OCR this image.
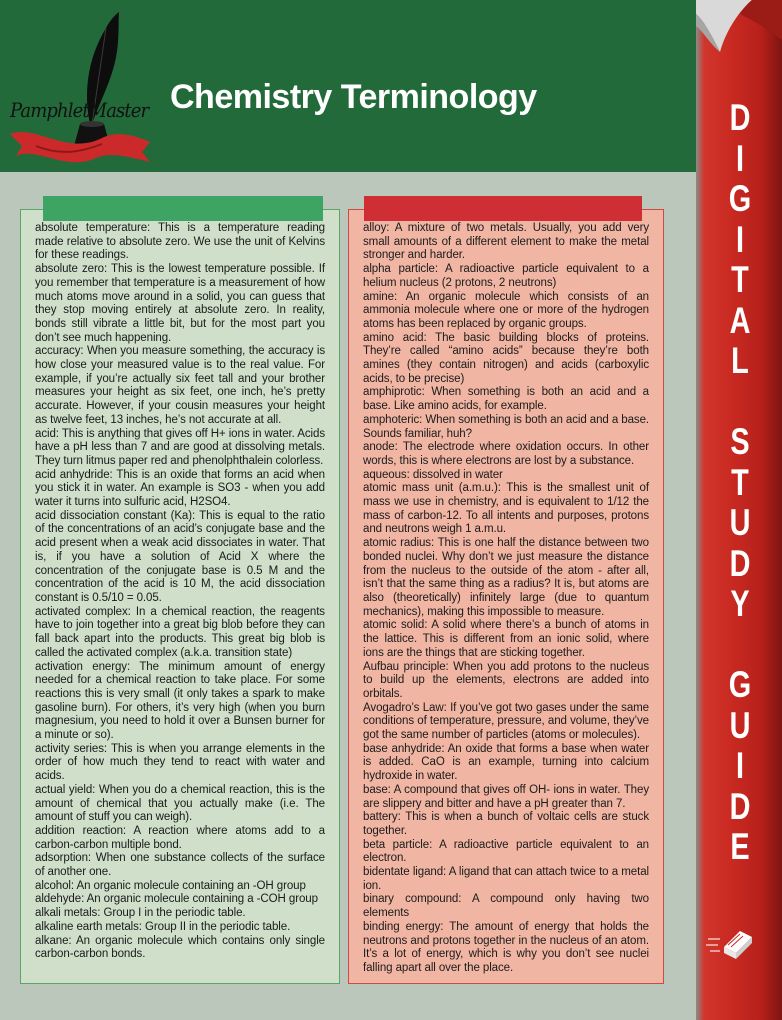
PamphletMaster Chemistry Terminology

absolute temperature: This is a temperature reading made relative to absolute zero. We use the unit of Kelvins for these readings.

absolute zero: This is the lowest temperature possible. If you remember that temperature is a measurement of how much atoms move around in a solid, you can guess that they stop moving entirely at absolute zero. In reality, bonds still vibrate a little bit, but for the most part you don’t see much happening.

accuracy: When you measure something, the accuracy is how close your measured value is to the real value. For example, if you’re actually six feet tall and your brother measures your height as six feet, one inch, he’s pretty accurate. However, if your cousin measures your height as twelve feet, 13 inches, he’s not accurate at all.

acid: This is anything that gives off H+ ions in water. Acids have a pH less than 7 and are good at dissolving metals. They turn litmus paper red and phenolphthalein colorless.

acid anhydride: This is an oxide that forms an acid when you stick it in water. An example is SO3 - when you add water it turns into sulfuric acid, H2SO4.

acid dissociation constant (Ka): This is equal to the ratio of the concentrations of an acid’s conjugate base and the acid present when a weak acid dissociates in water. That is, if you have a solution of Acid X where the concentration of the conjugate base is 0.5 M and the concentration of the acid is 10 M, the acid dissociation constant is 0.5/10 = 0.05.

activated complex: In a chemical reaction, the reagents have to join together into a great big blob before they can fall back apart into the products. This great big blob is called the activated complex (a.k.a. transition state)

activation energy: The minimum amount of energy needed for a chemical reaction to take place. For some reactions this is very small (it only takes a spark to make gasoline burn). For others, it’s very high (when you burn magnesium, you need to hold it over a Bunsen burner for a minute or so).

activity series: This is when you arrange elements in the order of how much they tend to react with water and acids.

actual yield: When you do a chemical reaction, this is the amount of chemical that you actually make (i.e. The amount of stuff you can weigh).

addition reaction: A reaction where atoms add to a carbon-carbon multiple bond.

adsorption: When one substance collects of the surface of another one.

alcohol: An organic molecule containing an -OH group

aldehyde: An organic molecule containing a -COH group

alkali metals: Group I in the periodic table.

alkaline earth metals: Group II in the periodic table.

alkane: An organic molecule which contains only single carbon-carbon bonds.

alloy: A mixture of two metals. Usually, you add very small amounts of a different element to make the metal stronger and harder.

alpha particle: A radioactive particle equivalent to a helium nucleus (2 protons, 2 neutrons)

amine: An organic molecule which consists of an ammonia molecule where one or more of the hydrogen atoms has been replaced by organic groups.

amino acid: The basic building blocks of proteins. They’re called “amino acids” because they’re both amines (they contain nitrogen) and acids (carboxylic acids, to be precise)

amphiprotic: When something is both an acid and a base. Like amino acids, for example.

amphoteric: When something is both an acid and a base. Sounds familiar, huh?

anode: The electrode where oxidation occurs. In other words, this is where electrons are lost by a substance.

aqueous: dissolved in water

atomic mass unit (a.m.u.): This is the smallest unit of mass we use in chemistry, and is equivalent to 1/12 the mass of carbon-12. To all intents and purposes, protons and neutrons weigh 1 a.m.u.

atomic radius: This is one half the distance between two bonded nuclei. Why don’t we just measure the distance from the nucleus to the outside of the atom - after all, isn’t that the same thing as a radius? It is, but atoms are also (theoretically) infinitely large (due to quantum mechanics), making this impossible to measure.

atomic solid: A solid where there’s a bunch of atoms in the lattice. This is different from an ionic solid, where ions are the things that are sticking together.

Aufbau principle: When you add protons to the nucleus to build up the elements, electrons are added into orbitals.

Avogadro’s Law: If you’ve got two gases under the same conditions of temperature, pressure, and volume, they’ve got the same number of particles (atoms or molecules).

base anhydride: An oxide that forms a base when water is added. CaO is an example, turning into calcium hydroxide in water.

base: A compound that gives off OH- ions in water. They are slippery and bitter and have a pH greater than 7.

battery: This is when a bunch of voltaic cells are stuck together.

beta particle: A radioactive particle equivalent to an electron.

bidentate ligand: A ligand that can attach twice to a metal ion.

binary compound: A compound only having two elements

binding energy: The amount of energy that holds the neutrons and protons together in the nucleus of an atom. It’s a lot of energy, which is why you don’t see nuclei falling apart all over the place.

D
I
G
I
T
A
L
S
T
U
D
Y
G
U
I
D
E
